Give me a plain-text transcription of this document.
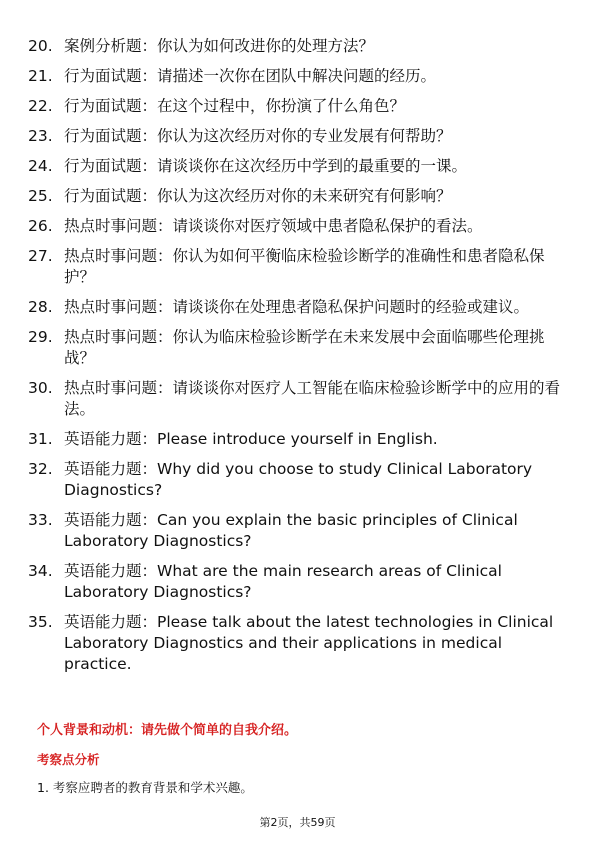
20. 案例分析题：你认为如何改进你的处理方法？
21. 行为面试题：请描述一次你在团队中解决问题的经历。
22. 行为面试题：在这个过程中，你扮演了什么角色？
23. 行为面试题：你认为这次经历对你的专业发展有何帮助？
24. 行为面试题：请谈谈你在这次经历中学到的最重要的一课。
25. 行为面试题：你认为这次经历对你的未来研究有何影响？
26. 热点时事问题：请谈谈你对医疗领域中患者隐私保护的看法。
27. 热点时事问题：你认为如何平衡临床检验诊断学的准确性和患者隐私保护？
28. 热点时事问题：请谈谈你在处理患者隐私保护问题时的经验或建议。
29. 热点时事问题：你认为临床检验诊断学在未来发展中会面临哪些伦理挑战？
30. 热点时事问题：请谈谈你对医疗人工智能在临床检验诊断学中的应用的看法。
31. 英语能力题：Please introduce yourself in English.
32. 英语能力题：Why did you choose to study Clinical Laboratory Diagnostics?
33. 英语能力题：Can you explain the basic principles of Clinical Laboratory Diagnostics?
34. 英语能力题：What are the main research areas of Clinical Laboratory Diagnostics?
35. 英语能力题：Please talk about the latest technologies in Clinical Laboratory Diagnostics and their applications in medical practice.
个人背景和动机：请先做个简单的自我介绍。
考察点分析
1. 考察应聘者的教育背景和学术兴趣。
第2页，共59页
